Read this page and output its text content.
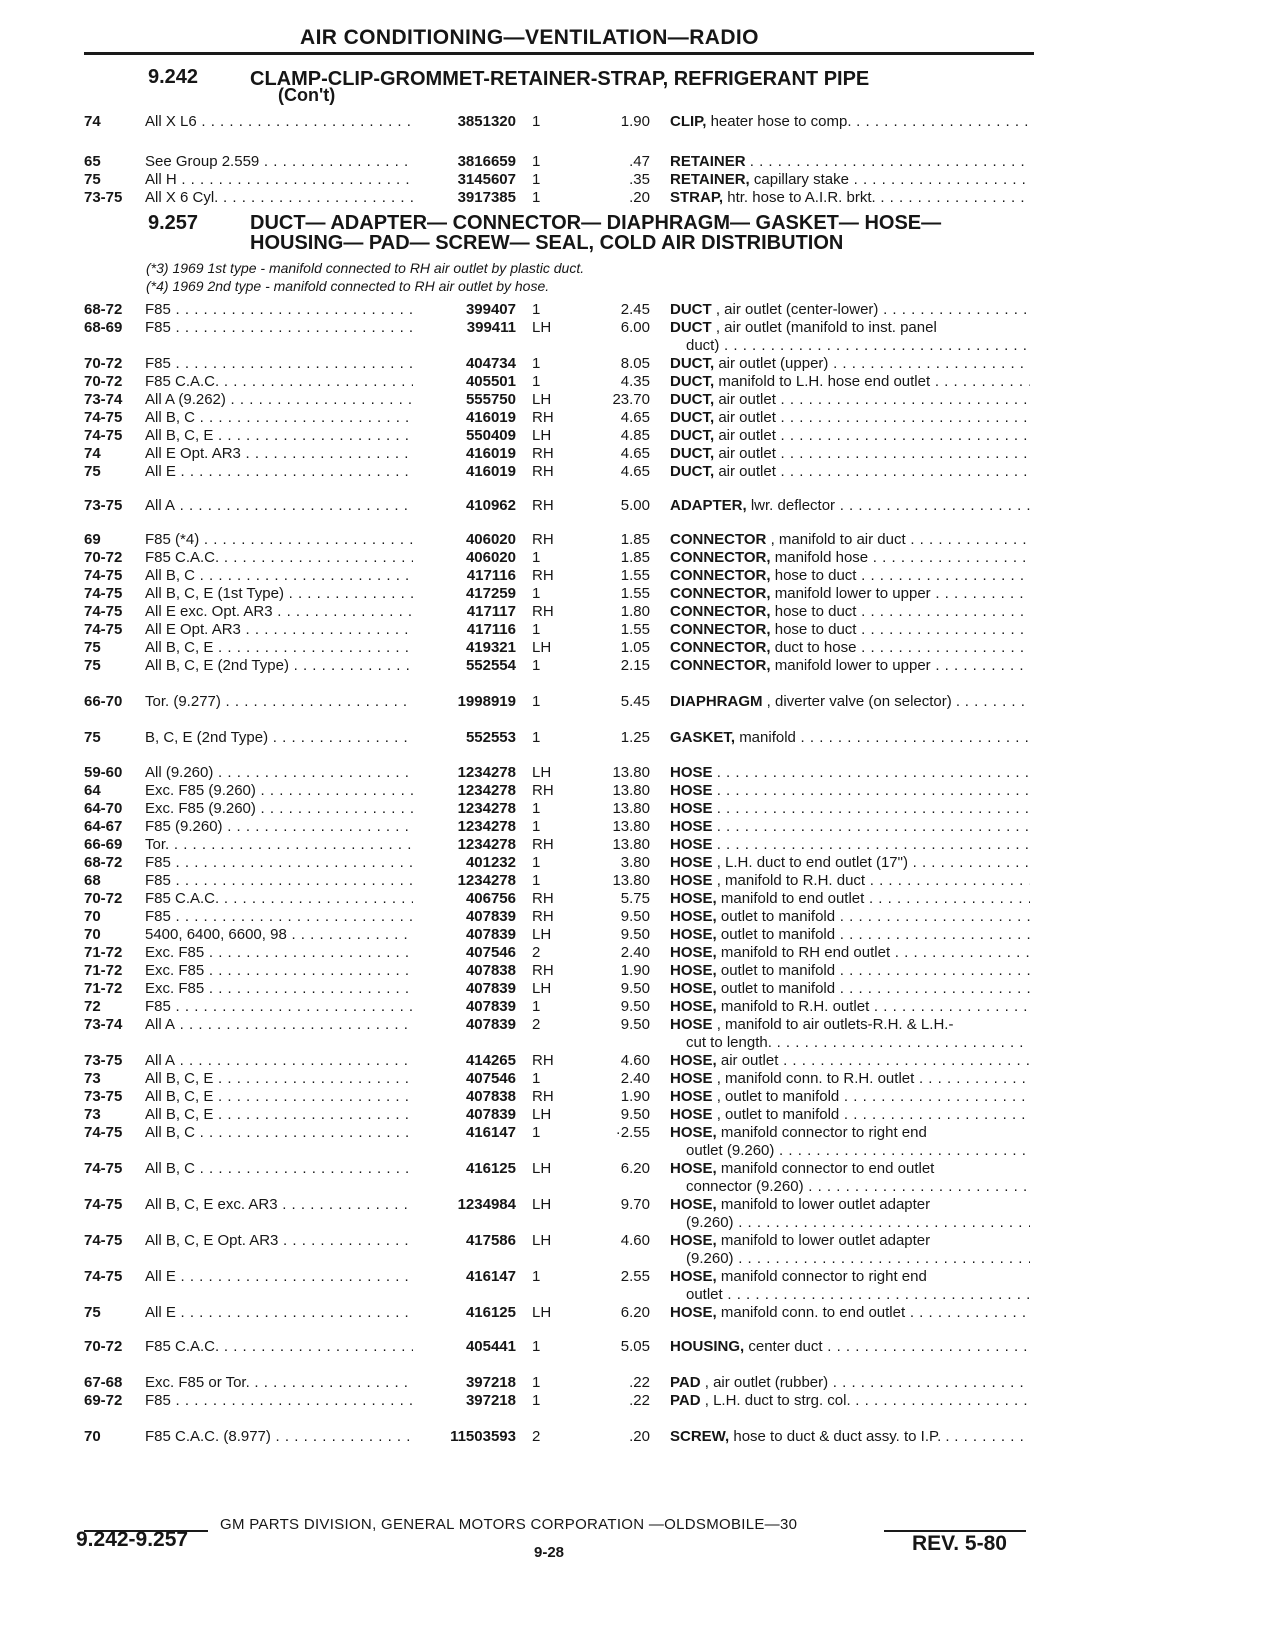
AIR CONDITIONING—VENTILATION—RADIO
9.242	CLAMP-CLIP-GROMMET-RETAINER-STRAP, REFRIGERANT PIPE
(Con't)
9.257	DUCT— ADAPTER— CONNECTOR— DIAPHRAGM— GASKET— HOSE—
HOUSING— PAD— SCREW— SEAL, COLD AIR DISTRIBUTION
(*3) 1969 1st type - manifold connected to RH air outlet by plastic duct.
(*4) 1969 2nd type - manifold connected to RH air outlet by hose.
74	All X L6 . . .	3851320 1	1.90 CLIP, heater hose to comp. . . .
65	See Group 2.559 . . .	3816659 1	.47 RETAINER . . .
75	All H . . .	3145607 1	.35 RETAINER, capillary stake . . .
73-75 All X 6 Cyl. . . .	3917385 1	.20 STRAP, htr. hose to A.I.R. brkt. . . .
68-72 F85 . . .	399407 1	2.45 DUCT , air outlet (center-lower) . . .
68-69 F85 . . .	399411 LH	6.00 DUCT , air outlet (manifold to inst. panel
duct) . . .
70-72 F85 . . .	404734 1	8.05 DUCT, air outlet (upper) . . .
70-72 F85 C.A.C. . . .	405501 1	4.35 DUCT, manifold to L.H. hose end outlet . . .
73-74 All A (9.262) . . .	555750 LH	23.70 DUCT, air outlet . . .
74-75 All B, C . . .	416019 RH	4.65 DUCT, air outlet . . .
74-75 All B, C, E . . .	550409 LH	4.85 DUCT, air outlet . . .
74	All E Opt. AR3 . . .	416019 RH	4.65 DUCT, air outlet . . .
75	All E . . .	416019 RH	4.65 DUCT, air outlet . . .
73-75 All A . . .	410962 RH	5.00 ADAPTER, lwr. deflector . . .
69	F85 (*4) . . .	406020 RH	1.85 CONNECTOR , manifold to air duct . . .
70-72 F85 C.A.C. . . .	406020 1	1.85 CONNECTOR, manifold hose . . .
74-75 All B, C . . .	417116 RH	1.55 CONNECTOR, hose to duct . . .
74-75 All B, C, E (1st Type) . . .	417259 1	1.55 CONNECTOR, manifold lower to upper . . .
74-75 All E exc. Opt. AR3 . . .	417117 RH	1.80 CONNECTOR, hose to duct . . .
74-75 All E Opt. AR3 . . .	417116 1	1.55 CONNECTOR, hose to duct . . .
75	All B, C, E . . .	419321 LH	1.05 CONNECTOR, duct to hose . . .
75	All B, C, E (2nd Type) . . .	552554 1	2.15 CONNECTOR, manifold lower to upper . . .
66-70 Tor. (9.277) . . .	1998919 1	5.45 DIAPHRAGM , diverter valve (on selector) . . . .
75	B, C, E (2nd Type) . . .	552553 1	1.25 GASKET, manifold . . .
59-60 All (9.260) . . .	1234278 LH	13.80 HOSE . . .
64	Exc. F85 (9.260) . . .	1234278 RH	13.80 HOSE . . .
64-70 Exc. F85 (9.260) . . .	1234278 1	13.80 HOSE . . .
64-67 F85 (9.260) . . .	1234278 1	13.80 HOSE . . .
66-69 Tor. . . .	1234278 RH	13.80 HOSE . . .
68-72 F85 . . .	401232 1	3.80 HOSE , L.H. duct to end outlet (17") . . .
68	F85 . . .	1234278 1	13.80 HOSE , manifold to R.H. duct . . .
70-72 F85 C.A.C. . . .	406756 RH	5.75 HOSE, manifold to end outlet . . .
70	F85 . . .	407839 RH	9.50 HOSE, outlet to manifold . . .
70	5400, 6400, 6600, 98 . . .	407839 LH	9.50 HOSE, outlet to manifold . . .
71-72 Exc. F85 . . .	407546 2	2.40 HOSE, manifold to RH end outlet . . .
71-72 Exc. F85 . . .	407838 RH	1.90 HOSE, outlet to manifold . . .
71-72 Exc. F85 . . .	407839 LH	9.50 HOSE, outlet to manifold . . .
72	F85 . . .	407839 1	9.50 HOSE, manifold to R.H. outlet . . .
73-74 All A . . .	407839 2	9.50 HOSE , manifold to air outlets-R.H. & L.H.-
cut to length. . . .
73-75 All A . . .	414265 RH	4.60 HOSE, air outlet . . .
73	All B, C, E . . .	407546 1	2.40 HOSE , manifold conn. to R.H. outlet . . .
73-75 All B, C, E . . .	407838 RH	1.90 HOSE , outlet to manifold . . .
73	All B, C, E . . .	407839 LH	9.50 HOSE , outlet to manifold . . .
74-75 All B, C . . .	416147 1	·2.55 HOSE, manifold connector to right end
outlet (9.260) . . .
74-75 All B, C . . .	416125 LH	6.20 HOSE, manifold connector to end outlet
connector (9.260) . . .
74-75 All B, C, E exc. AR3 . . .	1234984 LH	9.70 HOSE, manifold to lower outlet adapter
(9.260) . . .
74-75 All B, C, E Opt. AR3 . . .	417586 LH	4.60 HOSE, manifold to lower outlet adapter
(9.260) . . .
74-75 All E . . .	416147 1	2.55 HOSE, manifold connector to right end
outlet . . .
75	All E . . .	416125 LH	6.20 HOSE, manifold conn. to end outlet . . .
70-72 F85 C.A.C. . . .	405441 1	5.05 HOUSING, center duct . . .
67-68 Exc. F85 or Tor. . . .	397218 1	.22 PAD , air outlet (rubber) . . .
69-72 F85 . . .	397218 1	.22 PAD , L.H. duct to strg. col. . . .
70	F85 C.A.C. (8.977) . . .	11503593 2	.20 SCREW, hose to duct & duct assy. to I.P. . . . .
GM PARTS DIVISION, GENERAL MOTORS CORPORATION —OLDSMOBILE—30
9.242-9.257
9-28	REV. 5-80
